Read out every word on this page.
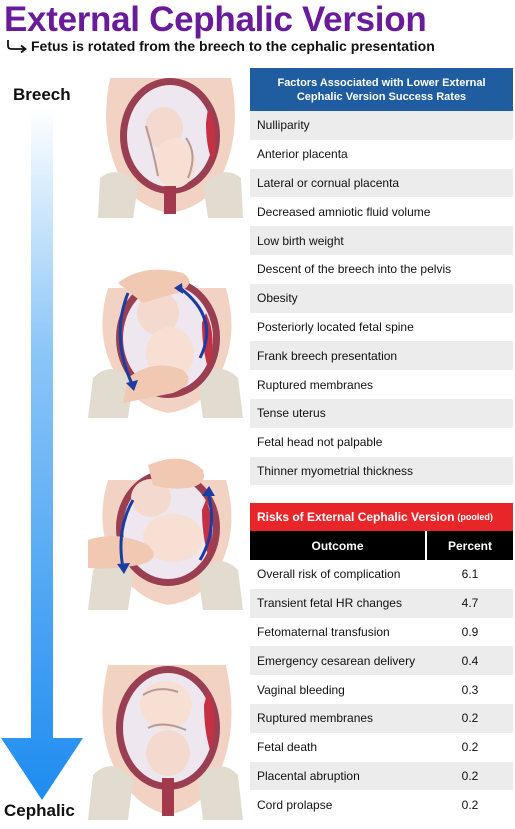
External Cephalic Version
Fetus is rotated from the breech to the cephalic presentation
Breech
Cephalic
Factors Associated with Lower External Cephalic Version Success Rates
Nulliparity
Anterior placenta
Lateral or cornual placenta
Decreased amniotic fluid volume
Low birth weight
Descent of the breech into the pelvis
Obesity
Posteriorly located fetal spine
Frank breech presentation
Ruptured membranes
Tense uterus
Fetal head not palpable
Thinner myometrial thickness
Risks of External Cephalic Version (pooled)
Outcome	Percent
Overall risk of complication	6.1
Transient fetal HR changes	4.7
Fetomaternal transfusion	0.9
Emergency cesarean delivery	0.4
Vaginal bleeding	0.3
Ruptured membranes	0.2
Fetal death	0.2
Placental abruption	0.2
Cord prolapse	0.2
